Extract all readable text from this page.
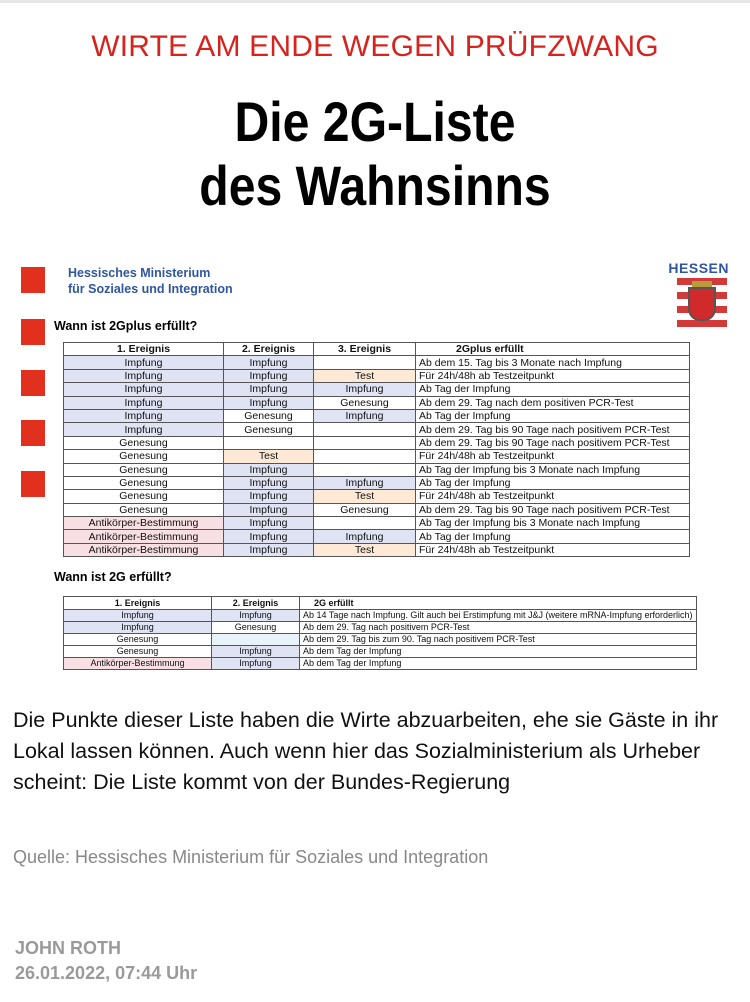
WIRTE AM ENDE WEGEN PRÜFZWANG
Die 2G-Liste
des Wahnsinns
Hessisches Ministerium
für Soziales und Integration
HESSEN
Wann ist 2Gplus erfüllt?
1. Ereignis	2. Ereignis	3. Ereignis	2Gplus erfüllt
Impfung	Impfung		Ab dem 15. Tag bis 3 Monate nach Impfung
Impfung	Impfung	Test	Für 24h/48h ab Testzeitpunkt
Impfung	Impfung	Impfung	Ab Tag der Impfung
Impfung	Impfung	Genesung	Ab dem 29. Tag nach dem positiven PCR-Test
Impfung	Genesung	Impfung	Ab Tag der Impfung
Impfung	Genesung		Ab dem 29. Tag bis 90 Tage nach positivem PCR-Test
Genesung			Ab dem 29. Tag bis 90 Tage nach positivem PCR-Test
Genesung	Test		Für 24h/48h ab Testzeitpunkt
Genesung	Impfung		Ab Tag der Impfung bis 3 Monate nach Impfung
Genesung	Impfung	Impfung	Ab Tag der Impfung
Genesung	Impfung	Test	Für 24h/48h ab Testzeitpunkt
Genesung	Impfung	Genesung	Ab dem 29. Tag bis 90 Tage nach positivem PCR-Test
Antikörper-Bestimmung	Impfung		Ab Tag der Impfung bis 3 Monate nach Impfung
Antikörper-Bestimmung	Impfung	Impfung	Ab Tag der Impfung
Antikörper-Bestimmung	Impfung	Test	Für 24h/48h ab Testzeitpunkt
Wann ist 2G erfüllt?
1. Ereignis	2. Ereignis	2G erfüllt
Impfung	Impfung	Ab 14 Tage nach Impfung. Gilt auch bei Erstimpfung mit J&J (weitere mRNA-Impfung erforderlich)
Impfung	Genesung	Ab dem 29. Tag nach positivem PCR-Test
Genesung		Ab dem 29. Tag bis zum 90. Tag nach positivem PCR-Test
Genesung	Impfung	Ab dem Tag der Impfung
Antikörper-Bestimmung	Impfung	Ab dem Tag der Impfung
Die Punkte dieser Liste haben die Wirte abzuarbeiten, ehe sie Gäste in ihr Lokal lassen können. Auch wenn hier das Sozialministerium als Urheber scheint: Die Liste kommt von der Bundes-Regierung
Quelle: Hessisches Ministerium für Soziales und Integration
JOHN ROTH
26.01.2022, 07:44 Uhr
